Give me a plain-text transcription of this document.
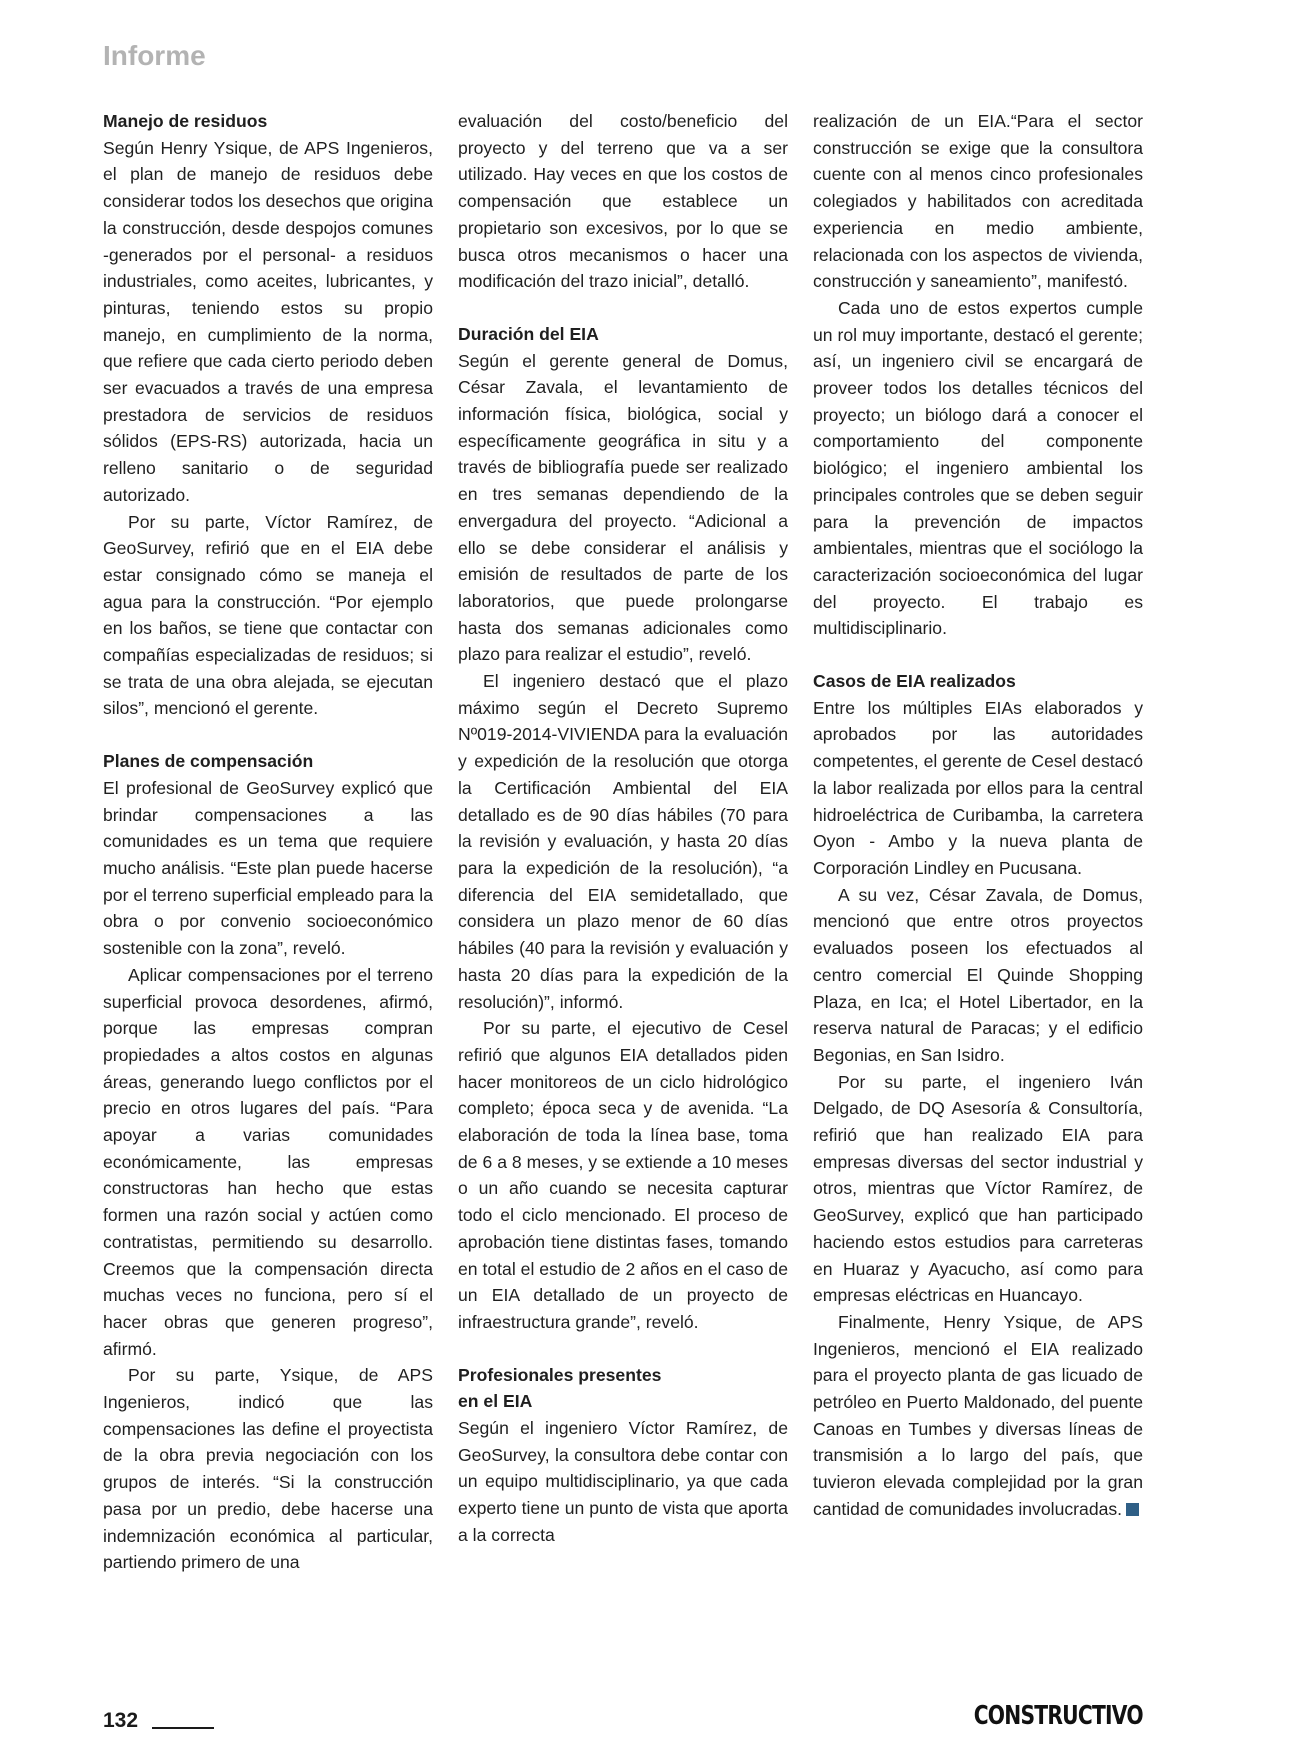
Informe
Manejo de residuos

Según Henry Ysique, de APS Ingenieros, el plan de manejo de residuos debe considerar todos los desechos que origina la construcción, desde despojos comunes -generados por el personal- a residuos industriales, como aceites, lubricantes, y pinturas, teniendo estos su propio manejo, en cumplimiento de la norma, que refiere que cada cierto periodo deben ser evacuados a través de una empresa prestadora de servicios de residuos sólidos (EPS-RS) autorizada, hacia un relleno sanitario o de seguridad autorizado.

Por su parte, Víctor Ramírez, de GeoSurvey, refirió que en el EIA debe estar consignado cómo se maneja el agua para la construcción. “Por ejemplo en los baños, se tiene que contactar con compañías especializadas de residuos; si se trata de una obra alejada, se ejecutan silos”, mencionó el gerente.

Planes de compensación

El profesional de GeoSurvey explicó que brindar compensaciones a las comunidades es un tema que requiere mucho análisis. “Este plan puede hacerse por el terreno superficial empleado para la obra o por convenio socioeconómico sostenible con la zona”, reveló.

Aplicar compensaciones por el terreno superficial provoca desordenes, afirmó, porque las empresas compran propiedades a altos costos en algunas áreas, generando luego conflictos por el precio en otros lugares del país. “Para apoyar a varias comunidades económicamente, las empresas constructoras han hecho que estas formen una razón social y actúen como contratistas, permitiendo su desarrollo. Creemos que la compensación directa muchas veces no funciona, pero sí el hacer obras que generen progreso”, afirmó.

Por su parte, Ysique, de APS Ingenieros, indicó que las compensaciones las define el proyectista de la obra previa negociación con los grupos de interés. “Si la construcción pasa por un predio, debe hacerse una indemnización económica al particular, partiendo primero de una

evaluación del costo/beneficio del proyecto y del terreno que va a ser utilizado. Hay veces en que los costos de compensación que establece un propietario son excesivos, por lo que se busca otros mecanismos o hacer una modificación del trazo inicial”, detalló.

Duración del EIA

Según el gerente general de Domus, César Zavala, el levantamiento de información física, biológica, social y específicamente geográfica in situ y a través de bibliografía puede ser realizado en tres semanas dependiendo de la envergadura del proyecto. “Adicional a ello se debe considerar el análisis y emisión de resultados de parte de los laboratorios, que puede prolongarse hasta dos semanas adicionales como plazo para realizar el estudio”, reveló.

El ingeniero destacó que el plazo máximo según el Decreto Supremo Nº019-2014-VIVIENDA para la evaluación y expedición de la resolución que otorga la Certificación Ambiental del EIA detallado es de 90 días hábiles (70 para la revisión y evaluación, y hasta 20 días para la expedición de la resolución), “a diferencia del EIA semidetallado, que considera un plazo menor de 60 días hábiles (40 para la revisión y evaluación y hasta 20 días para la expedición de la resolución)”, informó.

Por su parte, el ejecutivo de Cesel refirió que algunos EIA detallados piden hacer monitoreos de un ciclo hidrológico completo; época seca y de avenida. “La elaboración de toda la línea base, toma de 6 a 8 meses, y se extiende a 10 meses o un año cuando se necesita capturar todo el ciclo mencionado. El proceso de aprobación tiene distintas fases, tomando en total el estudio de 2 años en el caso de un EIA detallado de un proyecto de infraestructura grande”, reveló.

Profesionales presentes
en el EIA

Según el ingeniero Víctor Ramírez, de GeoSurvey, la consultora debe contar con un equipo multidisciplinario, ya que cada experto tiene un punto de vista que aporta a la correcta

realización de un EIA.“Para el sector construcción se exige que la consultora cuente con al menos cinco profesionales colegiados y habilitados con acreditada experiencia en medio ambiente, relacionada con los aspectos de vivienda, construcción y saneamiento”, manifestó.

Cada uno de estos expertos cumple un rol muy importante, destacó el gerente; así, un ingeniero civil se encargará de proveer todos los detalles técnicos del proyecto; un biólogo dará a conocer el comportamiento del componente biológico; el ingeniero ambiental los principales controles que se deben seguir para la prevención de impactos ambientales, mientras que el sociólogo la caracterización socioeconómica del lugar del proyecto. El trabajo es multidisciplinario.

Casos de EIA realizados

Entre los múltiples EIAs elaborados y aprobados por las autoridades competentes, el gerente de Cesel destacó la labor realizada por ellos para la central hidroeléctrica de Curibamba, la carretera Oyon - Ambo y la nueva planta de Corporación Lindley en Pucusana.

A su vez, César Zavala, de Domus, mencionó que entre otros proyectos evaluados poseen los efectuados al centro comercial El Quinde Shopping Plaza, en Ica; el Hotel Libertador, en la reserva natural de Paracas; y el edificio Begonias, en San Isidro.

Por su parte, el ingeniero Iván Delgado, de DQ Asesoría & Consultoría, refirió que han realizado EIA para empresas diversas del sector industrial y otros, mientras que Víctor Ramírez, de GeoSurvey, explicó que han participado haciendo estos estudios para carreteras en Huaraz y Ayacucho, así como para empresas eléctricas en Huancayo.

Finalmente, Henry Ysique, de APS Ingenieros, mencionó el EIA realizado para el proyecto planta de gas licuado de petróleo en Puerto Maldonado, del puente Canoas en Tumbes y diversas líneas de transmisión a lo largo del país, que tuvieron elevada complejidad por la gran cantidad de comunidades involucradas.

132	CONSTRUCTIVO
